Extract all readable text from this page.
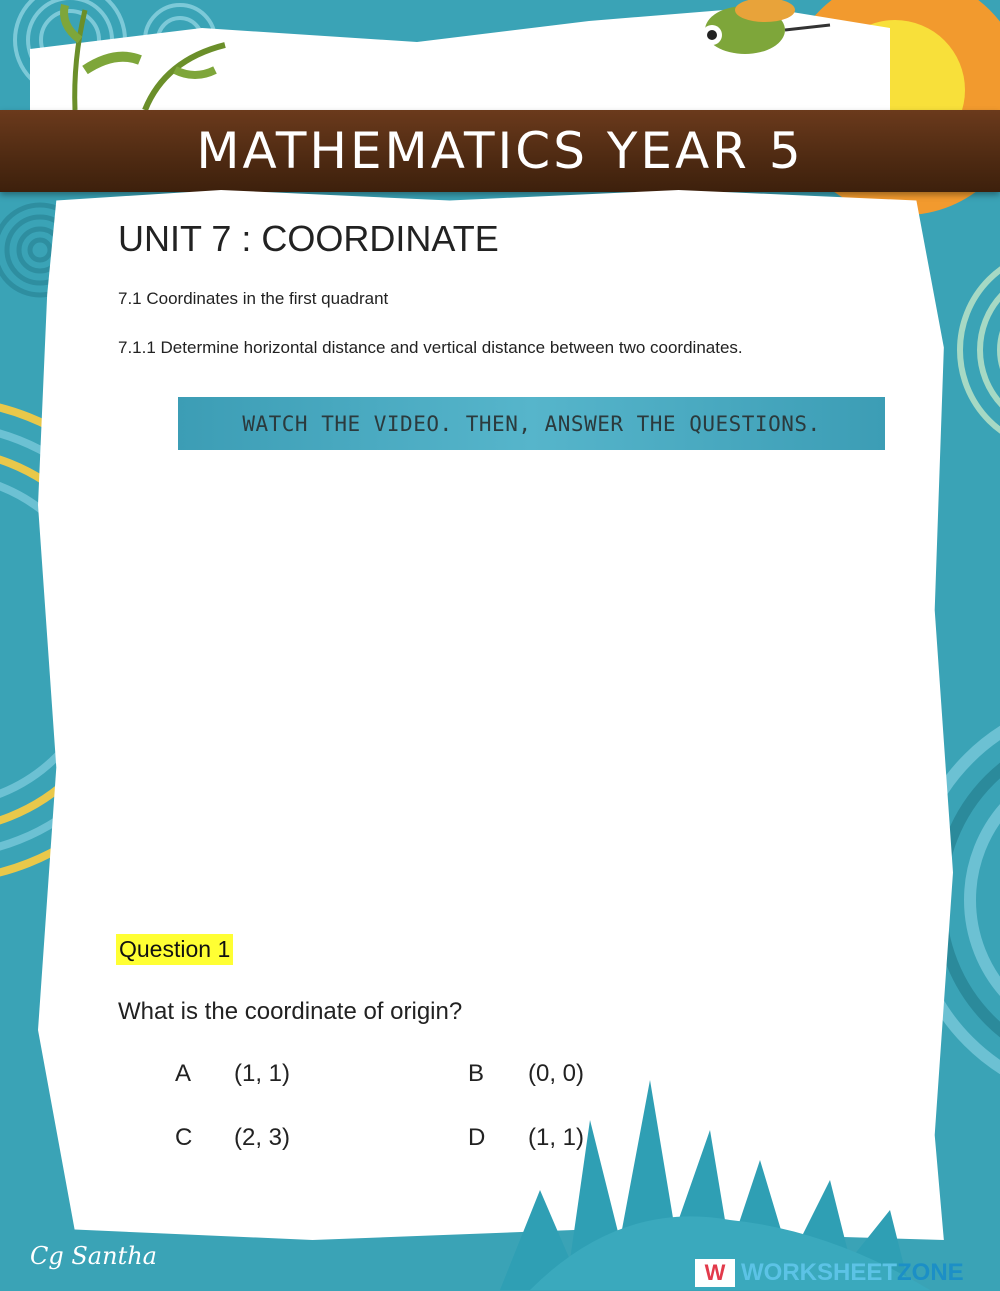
MATHEMATICS YEAR 5
UNIT 7 : COORDINATE
7.1 Coordinates in the first quadrant
7.1.1 Determine horizontal distance and vertical distance between two coordinates.
WATCH THE VIDEO. THEN, ANSWER THE QUESTIONS.
Question 1
What is the coordinate of origin?
A (1, 1)	B (0, 0)
C (2, 3)	D (1, 1)
Cg Santha
W WORKSHEETZONE
